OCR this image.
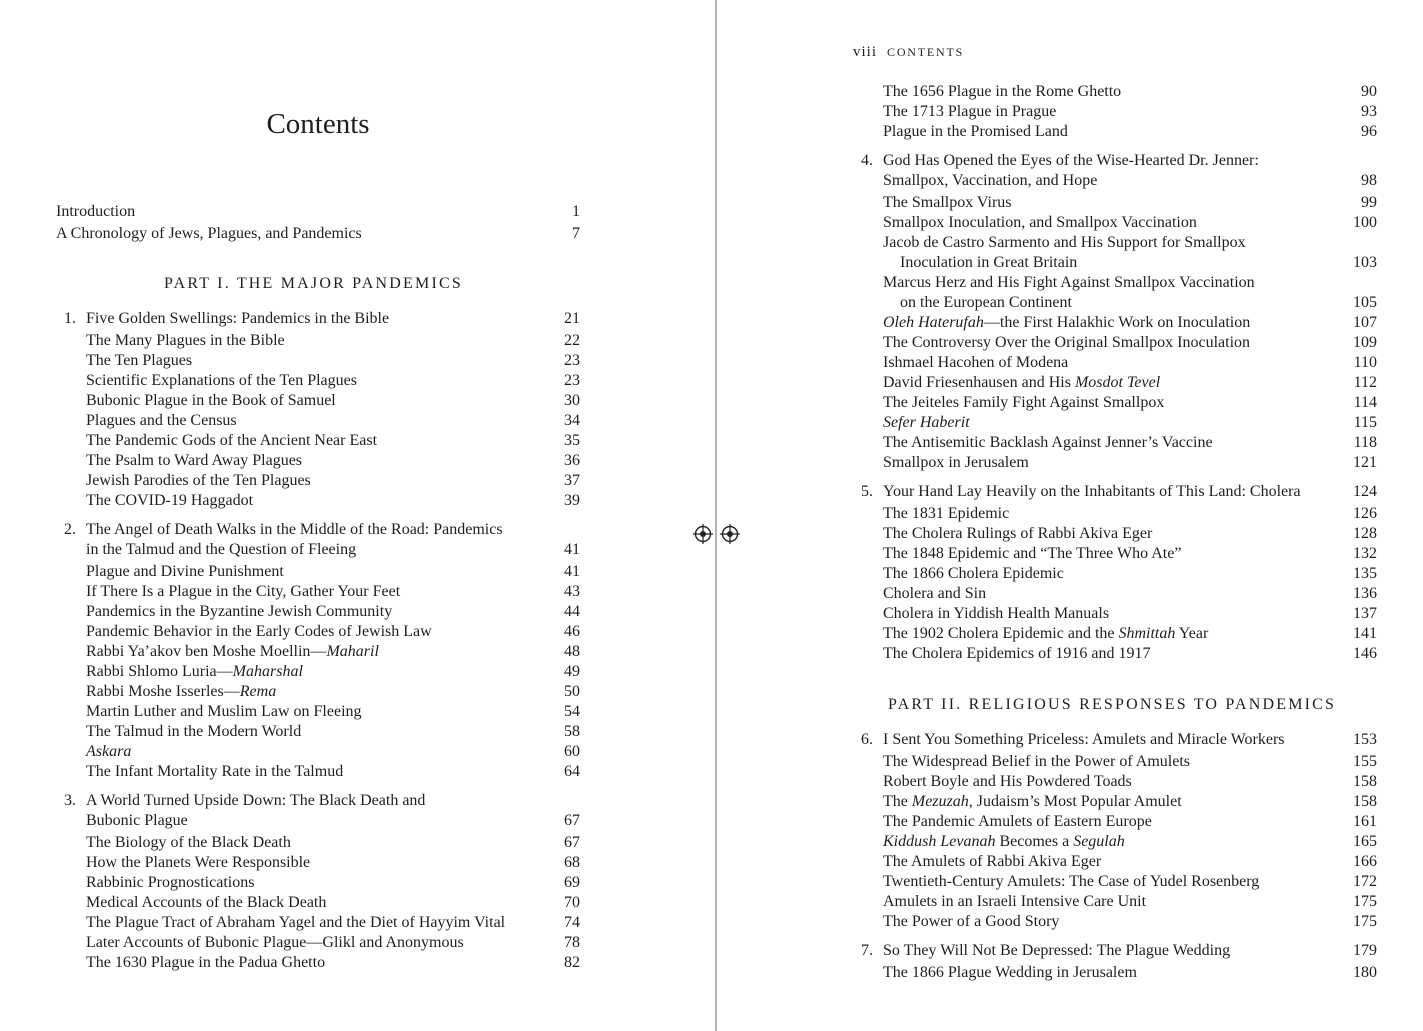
Contents
Introduction	1
A Chronology of Jews, Plagues, and Pandemics	7
PART I. THE MAJOR PANDEMICS
1. Five Golden Swellings: Pandemics in the Bible	21
The Many Plagues in the Bible	22
The Ten Plagues	23
Scientific Explanations of the Ten Plagues	23
Bubonic Plague in the Book of Samuel	30
Plagues and the Census	34
The Pandemic Gods of the Ancient Near East	35
The Psalm to Ward Away Plagues	36
Jewish Parodies of the Ten Plagues	37
The COVID-19 Haggadot	39
2. The Angel of Death Walks in the Middle of the Road: Pandemics
in the Talmud and the Question of Fleeing	41
Plague and Divine Punishment	41
If There Is a Plague in the City, Gather Your Feet	43
Pandemics in the Byzantine Jewish Community	44
Pandemic Behavior in the Early Codes of Jewish Law	46
Rabbi Ya’akov ben Moshe Moellin—Maharil	48
Rabbi Shlomo Luria—Maharshal	49
Rabbi Moshe Isserles—Rema	50
Martin Luther and Muslim Law on Fleeing	54
The Talmud in the Modern World	58
Askara	60
The Infant Mortality Rate in the Talmud	64
3. A World Turned Upside Down: The Black Death and
Bubonic Plague	67
The Biology of the Black Death	67
How the Planets Were Responsible	68
Rabbinic Prognostications	69
Medical Accounts of the Black Death	70
The Plague Tract of Abraham Yagel and the Diet of Hayyim Vital	74
Later Accounts of Bubonic Plague—Glikl and Anonymous	78
The 1630 Plague in the Padua Ghetto	82
viii CONTENTS
The 1656 Plague in the Rome Ghetto	90
The 1713 Plague in Prague	93
Plague in the Promised Land	96
4. God Has Opened the Eyes of the Wise-Hearted Dr. Jenner:
Smallpox, Vaccination, and Hope	98
The Smallpox Virus	99
Smallpox Inoculation, and Smallpox Vaccination	100
Jacob de Castro Sarmento and His Support for Smallpox
Inoculation in Great Britain	103
Marcus Herz and His Fight Against Smallpox Vaccination
on the European Continent	105
Oleh Haterufah—the First Halakhic Work on Inoculation	107
The Controversy Over the Original Smallpox Inoculation	109
Ishmael Hacohen of Modena	110
David Friesenhausen and His Mosdot Tevel	112
The Jeiteles Family Fight Against Smallpox	114
Sefer Haberit	115
The Antisemitic Backlash Against Jenner’s Vaccine	118
Smallpox in Jerusalem	121
5. Your Hand Lay Heavily on the Inhabitants of This Land: Cholera	124
The 1831 Epidemic	126
The Cholera Rulings of Rabbi Akiva Eger	128
The 1848 Epidemic and “The Three Who Ate”	132
The 1866 Cholera Epidemic	135
Cholera and Sin	136
Cholera in Yiddish Health Manuals	137
The 1902 Cholera Epidemic and the Shmittah Year	141
The Cholera Epidemics of 1916 and 1917	146
PART II. RELIGIOUS RESPONSES TO PANDEMICS
6. I Sent You Something Priceless: Amulets and Miracle Workers	153
The Widespread Belief in the Power of Amulets	155
Robert Boyle and His Powdered Toads	158
The Mezuzah, Judaism’s Most Popular Amulet	158
The Pandemic Amulets of Eastern Europe	161
Kiddush Levanah Becomes a Segulah	165
The Amulets of Rabbi Akiva Eger	166
Twentieth-Century Amulets: The Case of Yudel Rosenberg	172
Amulets in an Israeli Intensive Care Unit	175
The Power of a Good Story	175
7. So They Will Not Be Depressed: The Plague Wedding	179
The 1866 Plague Wedding in Jerusalem	180
